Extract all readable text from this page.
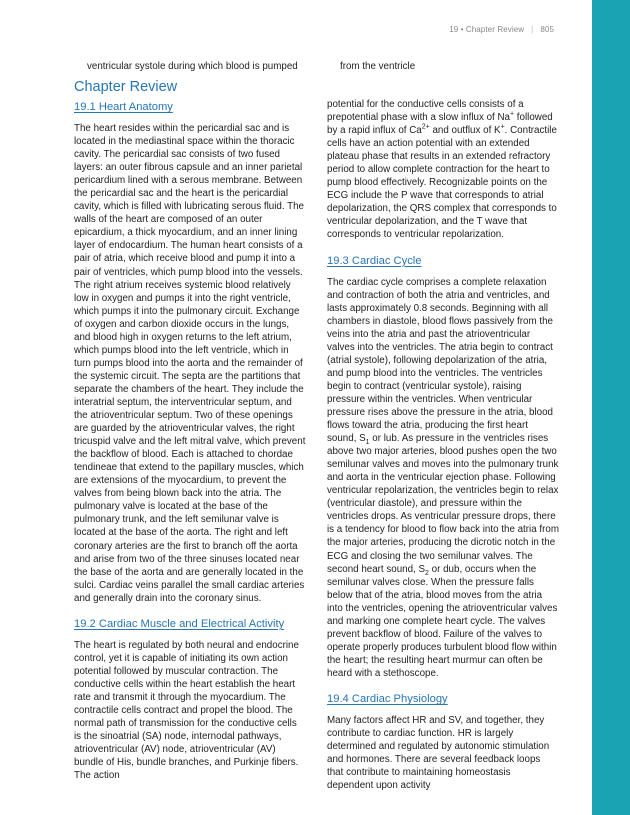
19 • Chapter Review | 805
ventricular systole during which blood is pumped	from the ventricle
Chapter Review
19.1 Heart Anatomy

The heart resides within the pericardial sac and is located in the mediastinal space within the thoracic cavity. The pericardial sac consists of two fused layers: an outer fibrous capsule and an inner parietal pericardium lined with a serous membrane. Between the pericardial sac and the heart is the pericardial cavity, which is filled with lubricating serous fluid. The walls of the heart are composed of an outer epicardium, a thick myocardium, and an inner lining layer of endocardium. The human heart consists of a pair of atria, which receive blood and pump it into a pair of ventricles, which pump blood into the vessels. The right atrium receives systemic blood relatively low in oxygen and pumps it into the right ventricle, which pumps it into the pulmonary circuit. Exchange of oxygen and carbon dioxide occurs in the lungs, and blood high in oxygen returns to the left atrium, which pumps blood into the left ventricle, which in turn pumps blood into the aorta and the remainder of the systemic circuit. The septa are the partitions that separate the chambers of the heart. They include the interatrial septum, the interventricular septum, and the atrioventricular septum. Two of these openings are guarded by the atrioventricular valves, the right tricuspid valve and the left mitral valve, which prevent the backflow of blood. Each is attached to chordae tendineae that extend to the papillary muscles, which are extensions of the myocardium, to prevent the valves from being blown back into the atria. The pulmonary valve is located at the base of the pulmonary trunk, and the left semilunar valve is located at the base of the aorta. The right and left coronary arteries are the first to branch off the aorta and arise from two of the three sinuses located near the base of the aorta and are generally located in the sulci. Cardiac veins parallel the small cardiac arteries and generally drain into the coronary sinus.

19.2 Cardiac Muscle and Electrical Activity

The heart is regulated by both neural and endocrine control, yet it is capable of initiating its own action potential followed by muscular contraction. The conductive cells within the heart establish the heart rate and transmit it through the myocardium. The contractile cells contract and propel the blood. The normal path of transmission for the conductive cells is the sinoatrial (SA) node, internodal pathways, atrioventricular (AV) node, atrioventricular (AV) bundle of His, bundle branches, and Purkinje fibers. The action

potential for the conductive cells consists of a prepotential phase with a slow influx of Na+ followed by a rapid influx of $Ca^{2+}$ and outflux of K+. Contractile cells have an action potential with an extended plateau phase that results in an extended refractory period to allow complete contraction for the heart to pump blood effectively. Recognizable points on the ECG include the P wave that corresponds to atrial depolarization, the QRS complex that corresponds to ventricular depolarization, and the T wave that corresponds to ventricular repolarization.

19.3 Cardiac Cycle

The cardiac cycle comprises a complete relaxation and contraction of both the atria and ventricles, and lasts approximately 0.8 seconds. Beginning with all chambers in diastole, blood flows passively from the veins into the atria and past the atrioventricular valves into the ventricles. The atria begin to contract (atrial systole), following depolarization of the atria, and pump blood into the ventricles. The ventricles begin to contract (ventricular systole), raising pressure within the ventricles. When ventricular pressure rises above the pressure in the atria, blood flows toward the atria, producing the first heart sound, $S_1$ or lub. As pressure in the ventricles rises above two major arteries, blood pushes open the two semilunar valves and moves into the pulmonary trunk and aorta in the ventricular ejection phase. Following ventricular repolarization, the ventricles begin to relax (ventricular diastole), and pressure within the ventricles drops. As ventricular pressure drops, there is a tendency for blood to flow back into the atria from the major arteries, producing the dicrotic notch in the ECG and closing the two semilunar valves. The second heart sound, $S_2$ or dub, occurs when the semilunar valves close. When the pressure falls below that of the atria, blood moves from the atria into the ventricles, opening the atrioventricular valves and marking one complete heart cycle. The valves prevent backflow of blood. Failure of the valves to operate properly produces turbulent blood flow within the heart; the resulting heart murmur can often be heard with a stethoscope.

19.4 Cardiac Physiology

Many factors affect HR and SV, and together, they contribute to cardiac function. HR is largely determined and regulated by autonomic stimulation and hormones. There are several feedback loops that contribute to maintaining homeostasis dependent upon activity
